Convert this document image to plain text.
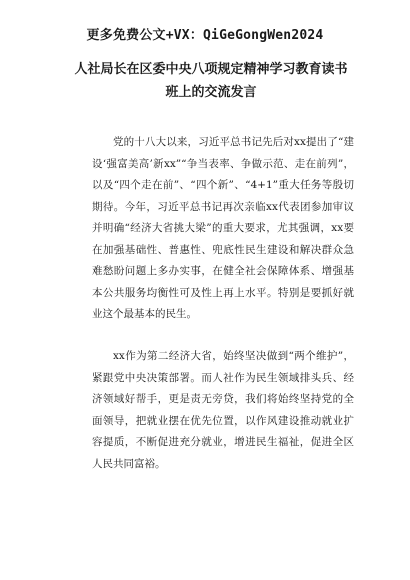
更多免费公文+VX：QiGeGongWen2024
人社局长在区委中央八项规定精神学习教育读书班上的交流发言

党的十八大以来，习近平总书记先后对xx提出了“建设‘强富美高’新xx”“争当表率、争做示范、走在前列”，以及“四个走在前”、“四个新”、“4+1”重大任务等殷切期待。今年，习近平总书记再次亲临xx代表团参加审议并明确“经济大省挑大梁”的重大要求，尤其强调，xx要在加强基础性、普惠性、兜底性民生建设和解决群众急难愁盼问题上多办实事，在健全社会保障体系、增强基本公共服务均衡性可及性上再上水平。特别是要抓好就业这个最基本的民生。

xx作为第二经济大省，始终坚决做到“两个维护”，紧跟党中央决策部署。而人社作为民生领域排头兵、经济领域好帮手，更是责无旁贷，我们将始终坚持党的全面领导，把就业摆在优先位置，以作风建设推动就业扩容提质，不断促进充分就业，增进民生福祉，促进全区人民共同富裕。
